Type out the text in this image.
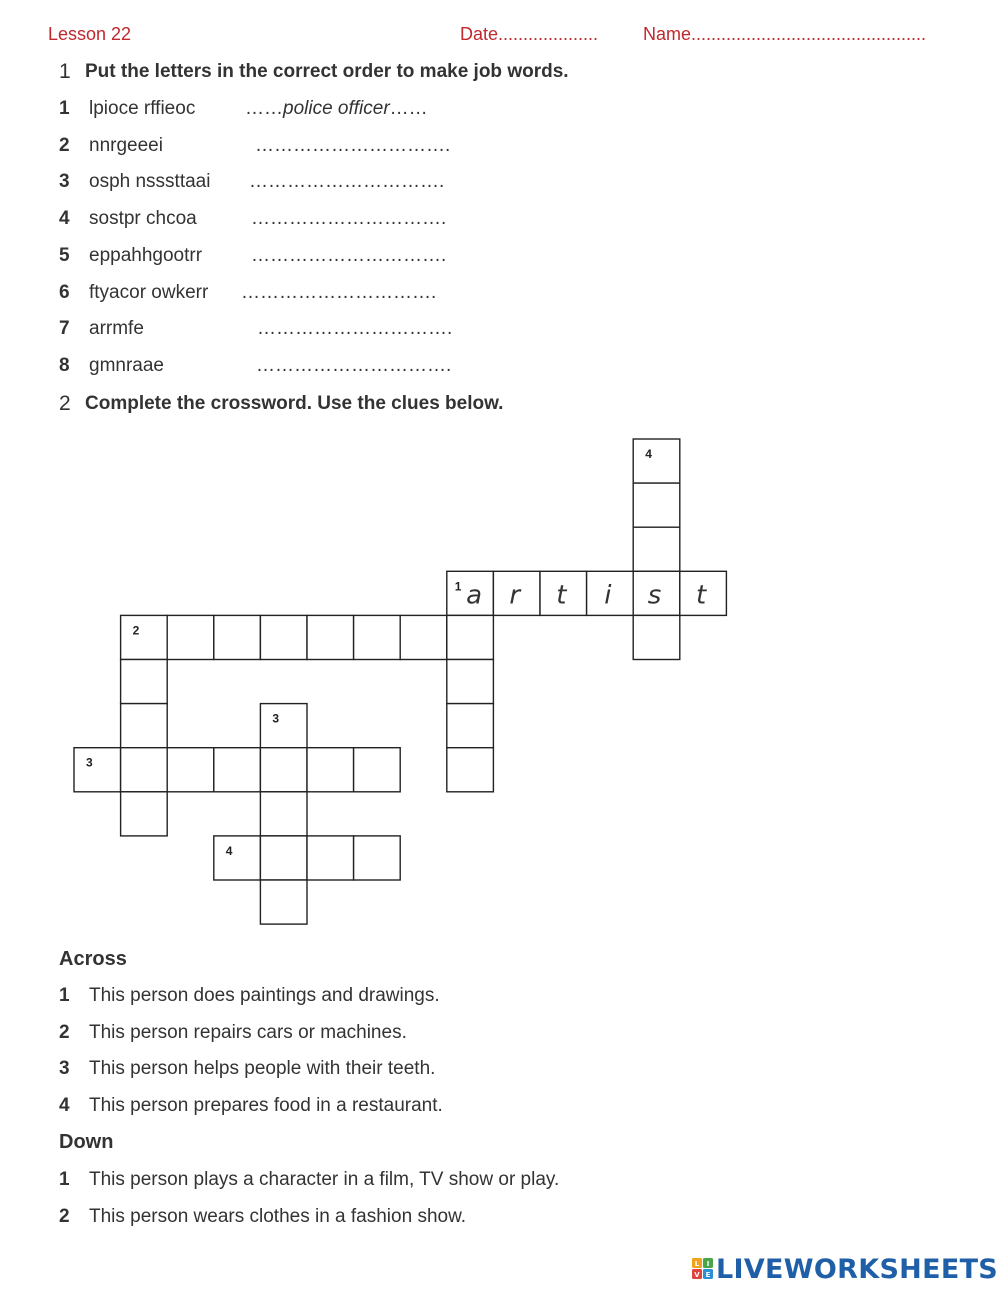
Lesson 22	Date.................... Name...............................................
1 Put the letters in the correct order to make job words.
1 lpioce rffieoc	……police officer……
2 nnrgeeei	………………………….
3 osph nsssttaai ………………………….
4 sostpr chcoa	………………………….
5 eppahhgootrr	………………………….
6 ftyacor owkerr ………………………….
7 arrmfe	………………………….
8 gmnraae	………………………….
2 Complete the crossword. Use the clues below.
4
1 a r t i s t
2
3
3
4
Across
1 This person does paintings and drawings.
2 This person repairs cars or machines.
3 This person helps people with their teeth.
4 This person prepares food in a restaurant.
Down
1 This person plays a character in a film, TV show or play.
2 This person wears clothes in a fashion show.
L I
V E LIVEWORKSHEETS
